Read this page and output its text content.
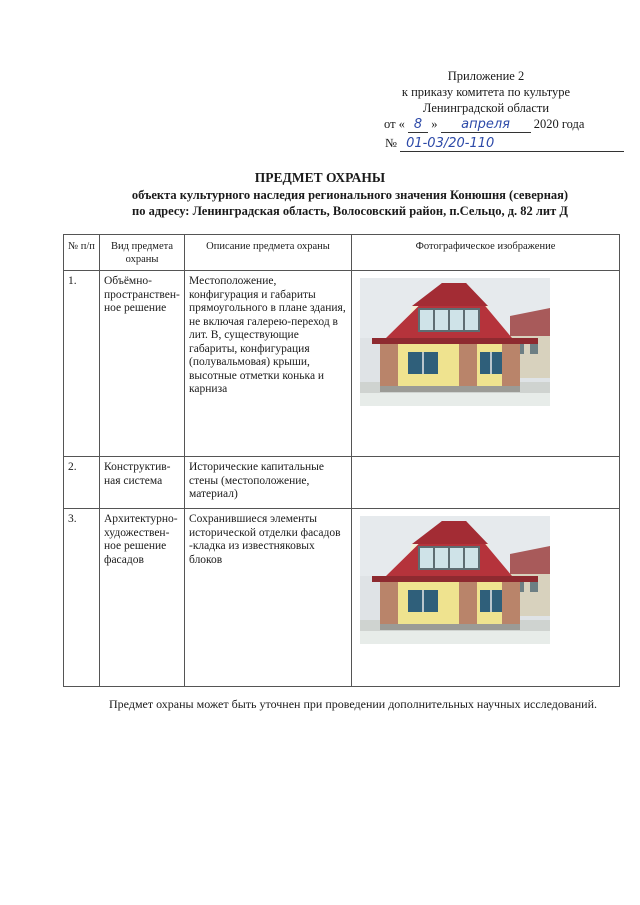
Приложение 2
к приказу комитета по культуре
Ленинградской области
от « 8 » апреля 2020 года
№ 01-03/20-110
ПРЕДМЕТ ОХРАНЫ
объекта культурного наследия регионального значения Конюшня (северная)
по адресу: Ленинградская область, Волосовский район, п.Сельцо, д. 82 лит Д
№ п/п	Вид предмета охраны	Описание предмета охраны	Фотографическое изображение
1.	Объёмно-пространствен-ное решение	Местоположение, конфигурация и габариты прямоугольного в плане здания, не включая галерею-переход в лит. В, существующие габариты, конфигурация (полувальмовая) крыши, высотные отметки конька и карниза	

2.	Конструктив-ная система	Исторические капитальные стены (местоположение, материал)	
3.	Архитектурно-художествен-ное решение фасадов	Сохранившиеся элементы исторической отделки фасадов -кладка из известняковых блоков	
Предмет охраны может быть уточнен при проведении дополнительных научных исследований.
